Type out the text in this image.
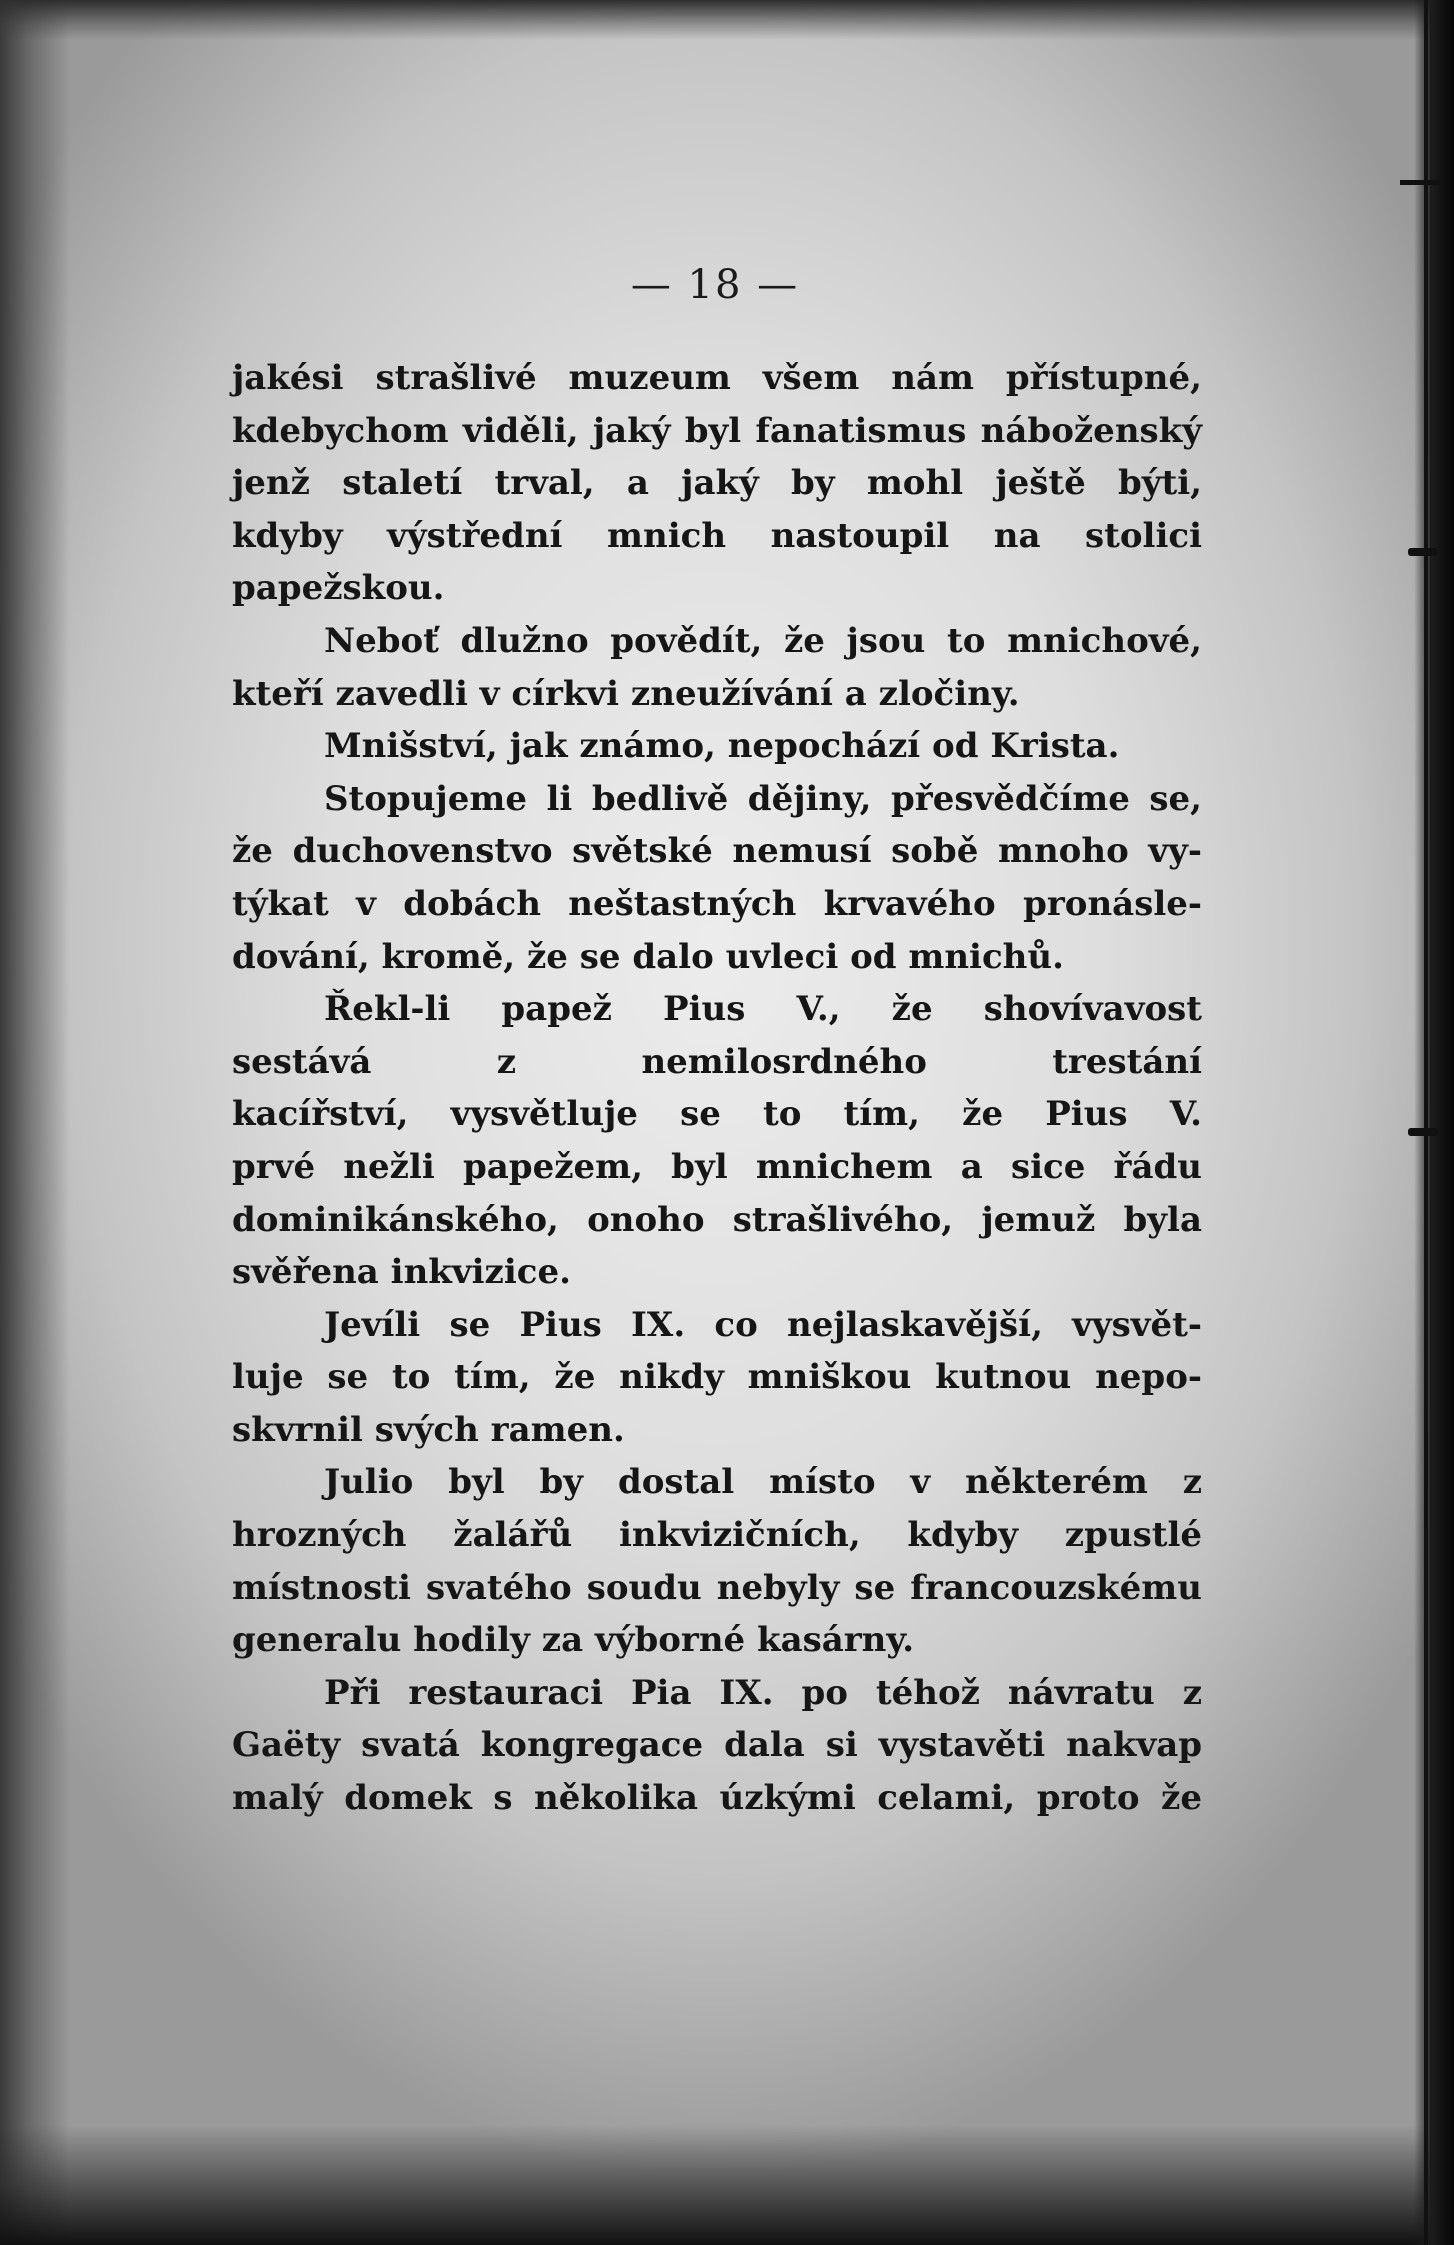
— 18 —
jakési strašlivé muzeum všem nám přístupné,
kdebychom viděli, jaký byl fanatismus náboženský
jenž staletí trval, a jaký by mohl ještě býti,
kdyby výstřední mnich nastoupil na stolici
papežskou.
Neboť dlužno povědít, že jsou to mnichové,
kteří zavedli v církvi zneužívání a zločiny.
Mnišství, jak známo, nepochází od Krista.
Stopujeme li bedlivě dějiny, přesvědčíme se,
že duchovenstvo světské nemusí sobě mnoho vy-
týkat v dobách neštastných krvavého pronásle-
dování, kromě, že se dalo uvleci od mnichů.
Řekl-li papež Pius V., že shovívavost
sestává z nemilosrdného trestání
kacířství, vysvětluje se to tím, že Pius V.
prvé nežli papežem, byl mnichem a sice řádu
dominikánského, onoho strašlivého, jemuž byla
svěřena inkvizice.
Jevíli se Pius IX. co nejlaskavější, vysvět-
luje se to tím, že nikdy mniškou kutnou nepo-
skvrnil svých ramen.
Julio byl by dostal místo v některém z
hrozných žalářů inkvizičních, kdyby zpustlé
místnosti svatého soudu nebyly se francouzskému
generalu hodily za výborné kasárny.
Při restauraci Pia IX. po téhož návratu z
Gaëty svatá kongregace dala si vystavěti nakvap
malý domek s několika úzkými celami, proto že
